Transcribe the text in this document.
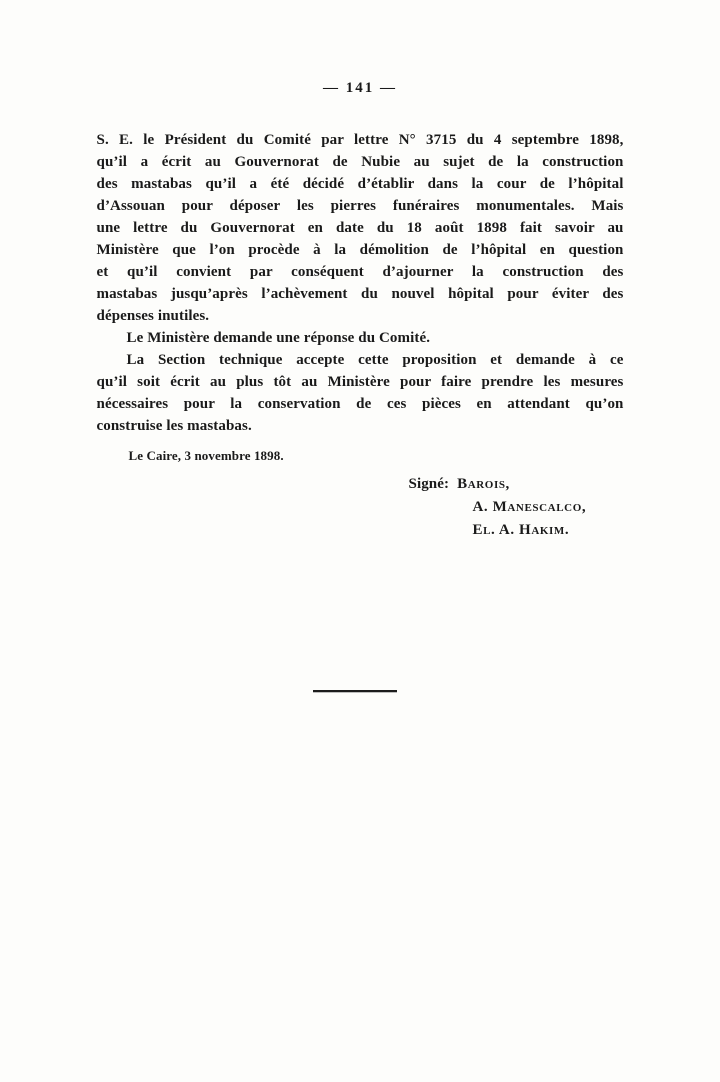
— 141 —

S. E. le Président du Comité par lettre N° 3715 du 4 septembre 1898,
qu’il a écrit au Gouvernorat de Nubie au sujet de la construction
des mastabas qu’il a été décidé d’établir dans la cour de l’hôpital
d’Assouan pour déposer les pierres funéraires monumentales. Mais
une lettre du Gouvernorat en date du 18 août 1898 fait savoir au
Ministère que l’on procède à la démolition de l’hôpital en question
et qu’il convient par conséquent d’ajourner la construction des
mastabas jusqu’après l’achèvement du nouvel hôpital pour éviter des
dépenses inutiles.

Le Ministère demande une réponse du Comité.

La Section technique accepte cette proposition et demande à ce
qu’il soit écrit au plus tôt au Ministère pour faire prendre les mesures
nécessaires pour la conservation de ces pièces en attendant qu’on
construise les mastabas.

Le Caire, 3 novembre 1898.
Signé: Barois,
A. Manescalco,
El. A. Hakim.
